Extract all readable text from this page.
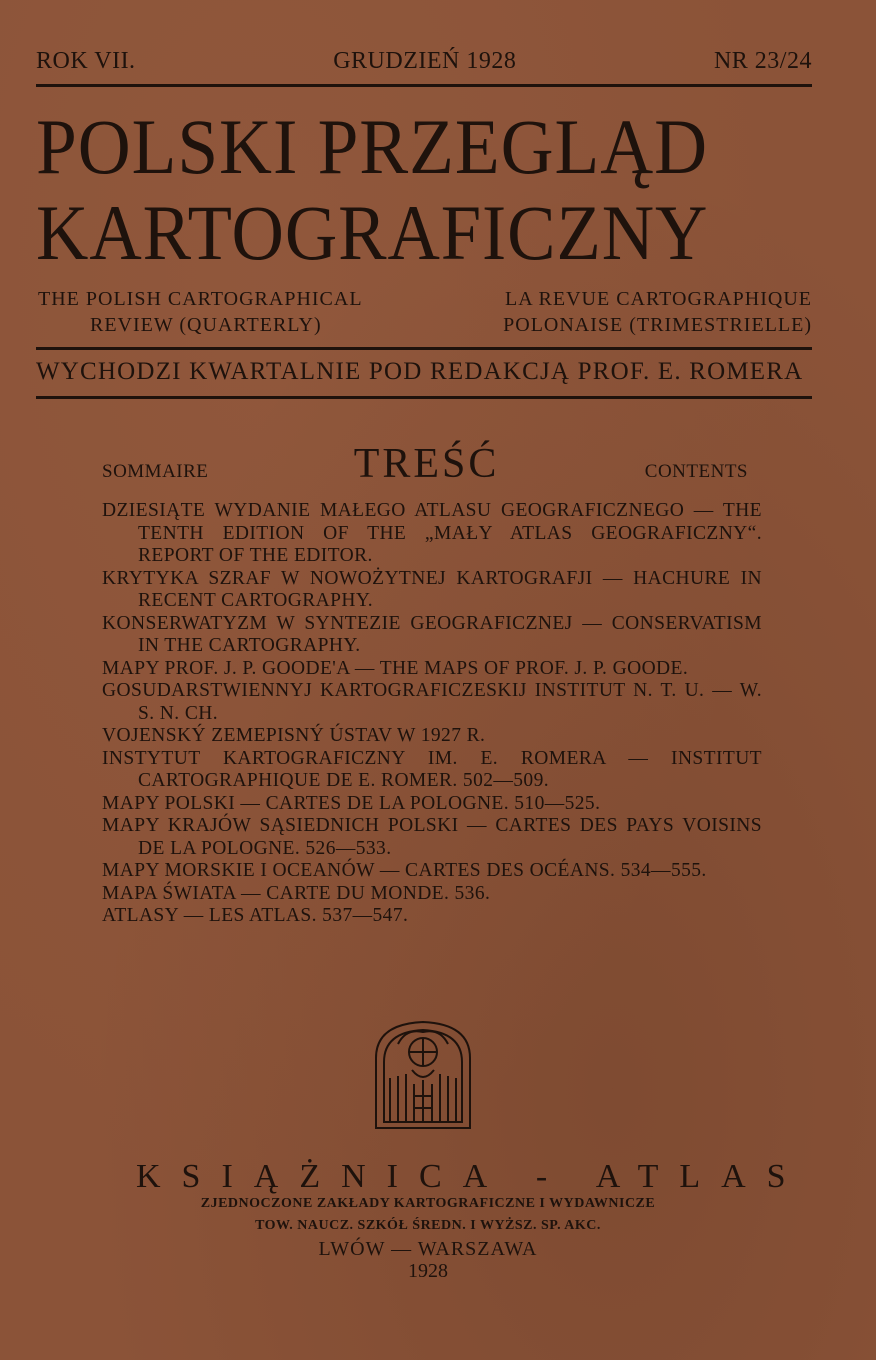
ROK VII.	GRUDZIEŃ 1928	NR 23/24
POLSKI PRZEGLĄD
KARTOGRAFICZNY
THE POLISH CARTOGRAPHICAL
REVIEW (QUARTERLY)
LA REVUE CARTOGRAPHIQUE
POLONAISE (TRIMESTRIELLE)
WYCHODZI KWARTALNIE POD REDAKCJĄ PROF. E. ROMERA
SOMMAIRE	TREŚĆ	CONTENTS
DZIESIĄTE WYDANIE MAŁEGO ATLASU GEOGRAFICZNEGO — THE TENTH EDITION OF THE „MAŁY ATLAS GEOGRAFICZNY“. REPORT OF THE EDITOR.
KRYTYKA SZRAF W NOWOŻYTNEJ KARTOGRAFJI — HACHURE IN RECENT CARTOGRAPHY.
KONSERWATYZM W SYNTEZIE GEOGRAFICZNEJ — CONSERVATISM IN THE CARTOGRAPHY.
MAPY PROF. J. P. GOODE'A — THE MAPS OF PROF. J. P. GOODE.
GOSUDARSTWIENNYJ KARTOGRAFICZESKIJ INSTITUT N. T. U. — W. S. N. CH.
VOJENSKÝ ZEMEPISNÝ ÚSTAV W 1927 R.
INSTYTUT KARTOGRAFICZNY IM. E. ROMERA — INSTITUT CARTOGRAPHIQUE DE E. ROMER. 502—509.
MAPY POLSKI — CARTES DE LA POLOGNE. 510—525.
MAPY KRAJÓW SĄSIEDNICH POLSKI — CARTES DES PAYS VOISINS DE LA POLOGNE. 526—533.
MAPY MORSKIE I OCEANÓW — CARTES DES OCÉANS. 534—555.
MAPA ŚWIATA — CARTE DU MONDE. 536.
ATLASY — LES ATLAS. 537—547.
KSIĄŻNICA - ATLAS
ZJEDNOCZONE ZAKŁADY KARTOGRAFICZNE I WYDAWNICZE
TOW. NAUCZ. SZKÓŁ ŚREDN. I WYŻSZ. SP. AKC.
LWÓW — WARSZAWA
1928
